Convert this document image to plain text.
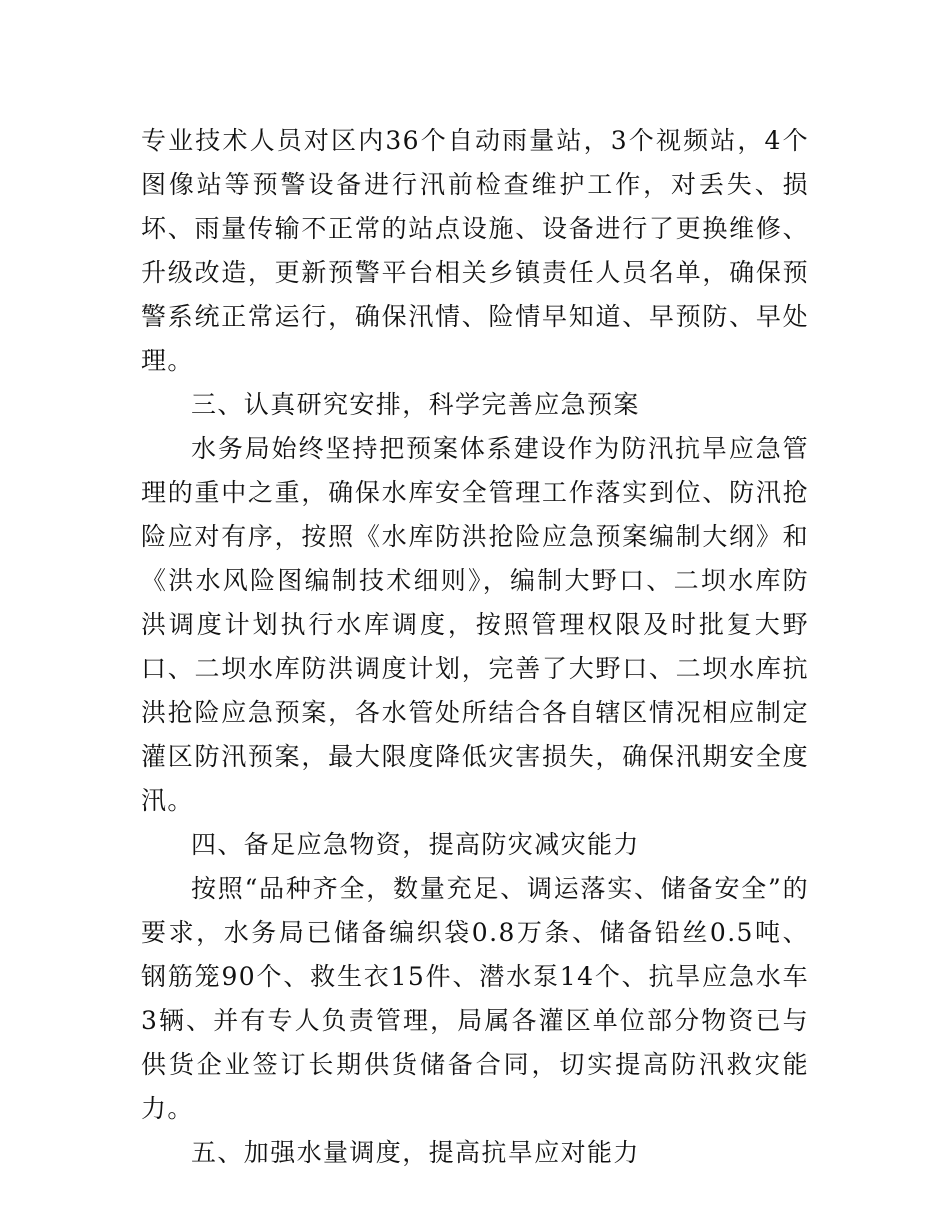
专业技术人员对区内36个自动雨量站，3个视频站，4个图像站等预警设备进行汛前检查维护工作，对丢失、损坏、雨量传输不正常的站点设施、设备进行了更换维修、升级改造，更新预警平台相关乡镇责任人员名单，确保预警系统正常运行，确保汛情、险情早知道、早预防、早处理。

三、认真研究安排，科学完善应急预案

水务局始终坚持把预案体系建设作为防汛抗旱应急管理的重中之重，确保水库安全管理工作落实到位、防汛抢险应对有序，按照《水库防洪抢险应急预案编制大纲》和《洪水风险图编制技术细则》，编制大野口、二坝水库防洪调度计划执行水库调度，按照管理权限及时批复大野口、二坝水库防洪调度计划，完善了大野口、二坝水库抗洪抢险应急预案，各水管处所结合各自辖区情况相应制定灌区防汛预案，最大限度降低灾害损失，确保汛期安全度汛。

四、备足应急物资，提高防灾减灾能力

按照“品种齐全，数量充足、调运落实、储备安全”的要求，水务局已储备编织袋0.8万条、储备铅丝0.5吨、钢筋笼90个、救生衣15件、潜水泵14个、抗旱应急水车3辆、并有专人负责管理，局属各灌区单位部分物资已与供货企业签订长期供货储备合同，切实提高防汛救灾能力。

五、加强水量调度，提高抗旱应对能力
